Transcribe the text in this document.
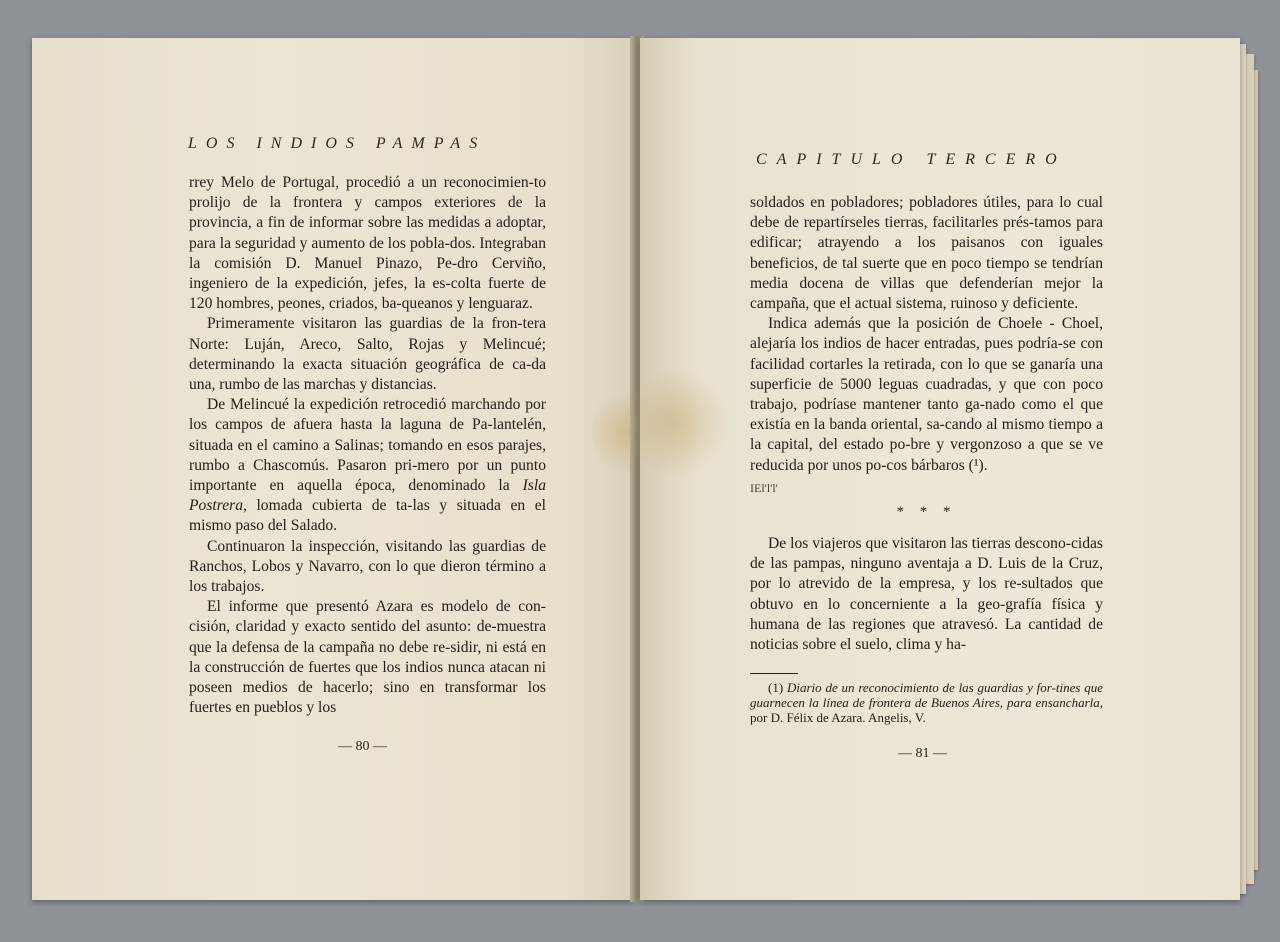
LOS INDIOS PAMPAS

rrey Melo de Portugal, procedió a un reconocimien-to prolijo de la frontera y campos exteriores de la provincia, a fin de informar sobre las medidas a adoptar, para la seguridad y aumento de los pobla-dos. Integraban la comisión D. Manuel Pinazo, Pe-dro Cerviño, ingeniero de la expedición, jefes, la es-colta fuerte de 120 hombres, peones, criados, ba-queanos y lenguaraz.

Primeramente visitaron las guardias de la fron-tera Norte: Luján, Areco, Salto, Rojas y Melincué; determinando la exacta situación geográfica de ca-da una, rumbo de las marchas y distancias.

De Melincué la expedición retrocedió marchando por los campos de afuera hasta la laguna de Pa-lantelén, situada en el camino a Salinas; tomando en esos parajes, rumbo a Chascomús. Pasaron pri-mero por un punto importante en aquella época, denominado la Isla Postrera, lomada cubierta de ta-las y situada en el mismo paso del Salado.

Continuaron la inspección, visitando las guardias de Ranchos, Lobos y Navarro, con lo que dieron término a los trabajos.

El informe que presentó Azara es modelo de con-cisión, claridad y exacto sentido del asunto: de-muestra que la defensa de la campaña no debe re-sidir, ni está en la construcción de fuertes que los indios nunca atacan ni poseen medios de hacerlo; sino en transformar los fuertes en pueblos y los

— 80 —
CAPITULO TERCERO

soldados en pobladores; pobladores útiles, para lo cual debe de repartírseles tierras, facilitarles prés-tamos para edificar; atrayendo a los paisanos con iguales beneficios, de tal suerte que en poco tiempo se tendrían media docena de villas que defenderían mejor la campaña, que el actual sistema, ruinoso y deficiente.

Indica además que la posición de Choele - Choel, alejaría los indios de hacer entradas, pues podría-se con facilidad cortarles la retirada, con lo que se ganaría una superficie de 5000 leguas cuadradas, y que con poco trabajo, podríase mantener tanto ga-nado como el que existía en la banda oriental, sa-cando al mismo tiempo a la capital, del estado po-bre y vergonzoso a que se ve reducida por unos po-cos bárbaros (¹).

IEl'l'l'
* * *

De los viajeros que visitaron las tierras descono-cidas de las pampas, ninguno aventaja a D. Luis de la Cruz, por lo atrevido de la empresa, y los re-sultados que obtuvo en lo concerniente a la geo-grafía física y humana de las regiones que atravesó. La cantidad de noticias sobre el suelo, clima y ha-

(1) Diario de un reconocimiento de las guardias y for-tines que guarnecen la línea de frontera de Buenos Aires, para ensancharla, por D. Félix de Azara. Angelis, V.
— 81 —
